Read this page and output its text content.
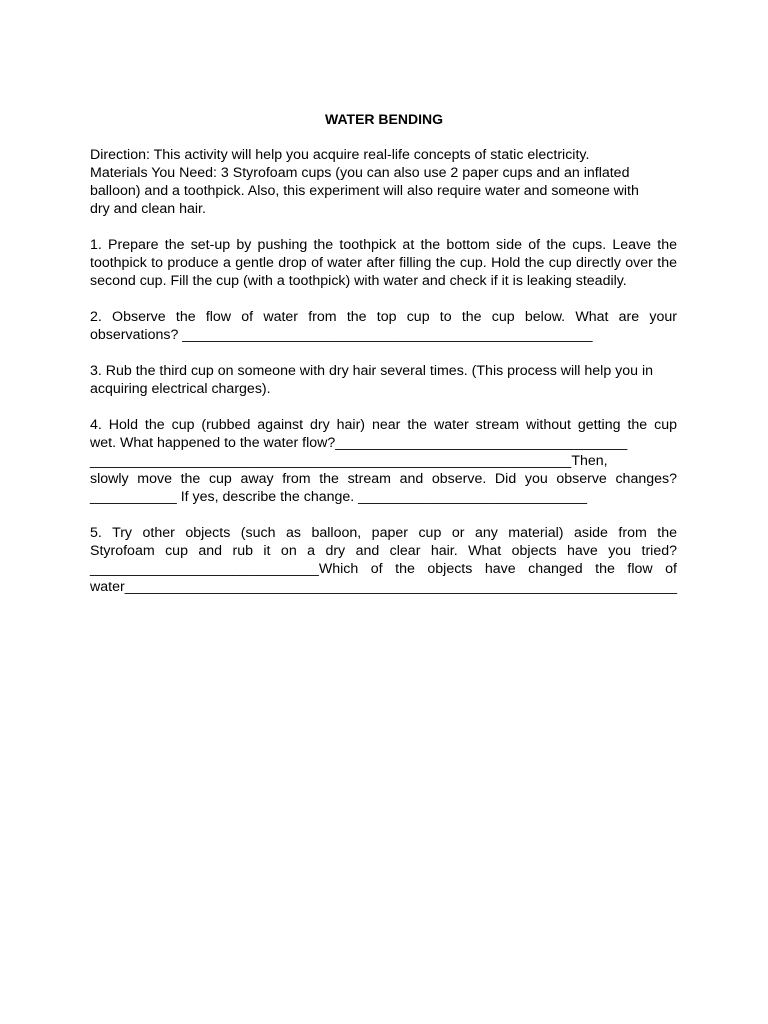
WATER BENDING
Direction: This activity will help you acquire real-life concepts of static electricity.
Materials You Need: 3 Styrofoam cups (you can also use 2 paper cups and an inflated
balloon) and a toothpick. Also, this experiment will also require water and someone with
dry and clean hair.
1. Prepare the set-up by pushing the toothpick at the bottom side of the cups. Leave the toothpick to produce a gentle drop of water after filling the cup. Hold the cup directly over the second cup. Fill the cup (with a toothpick) with water and check if it is leaking steadily.
2. Observe the flow of water from the top cup to the cup below. What are your
observations? ____________________________________________________
3. Rub the third cup on someone with dry hair several times. (This process will help you in acquiring electrical charges).
4. Hold the cup (rubbed against dry hair) near the water stream without getting the cup
wet. What happened to the water flow?_____________________________________
_____________________________________________________________Then,
slowly move the cup away from the stream and observe. Did you observe changes?
___________ If yes, describe the change. _____________________________
5. Try other objects (such as balloon, paper cup or any material) aside from the
Styrofoam cup and rub it on a dry and clear hair. What objects have you tried?
_____________________________Which of the objects have changed the flow of
water______________________________________________________________________
